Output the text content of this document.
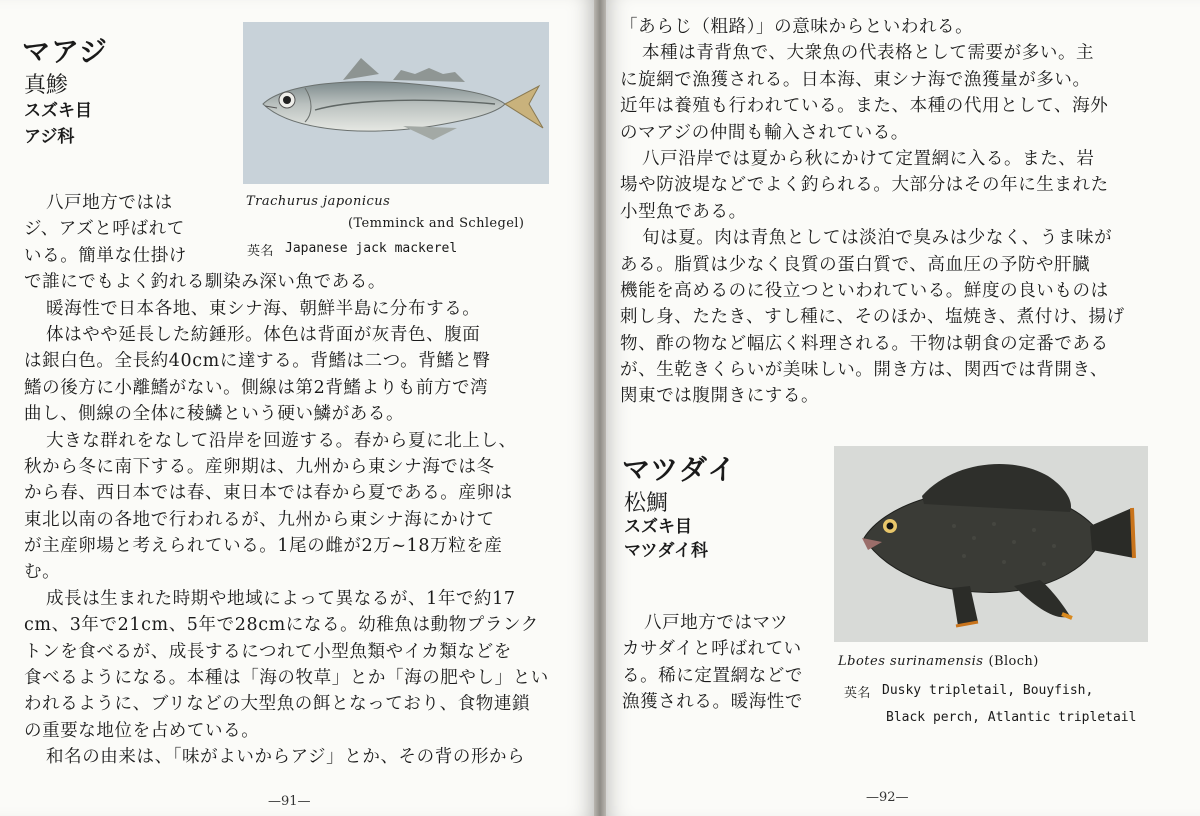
マアジ
真鯵
スズキ目
アジ科
Trachurus japonicus
(Temminck and Schlegel)
英名 Japanese jack mackerel
八戸地方ではは
ジ、アズと呼ばれて
いる。簡単な仕掛け
で誰にでもよく釣れる馴染み深い魚である。
暖海性で日本各地、東シナ海、朝鮮半島に分布する。
体はやや延長した紡錘形。体色は背面が灰青色、腹面
は銀白色。全長約40cmに達する。背鰭は二つ。背鰭と臀
鰭の後方に小離鰭がない。側線は第2背鰭よりも前方で湾
曲し、側線の全体に稜鱗という硬い鱗がある。
大きな群れをなして沿岸を回遊する。春から夏に北上し、
秋から冬に南下する。産卵期は、九州から東シナ海では冬
から春、西日本では春、東日本では春から夏である。産卵は
東北以南の各地で行われるが、九州から東シナ海にかけて
が主産卵場と考えられている。1尾の雌が2万~18万粒を産
む。
成長は生まれた時期や地域によって異なるが、1年で約17
cm、3年で21cm、5年で28cmになる。幼稚魚は動物プランク
トンを食べるが、成長するにつれて小型魚類やイカ類などを
食べるようになる。本種は「海の牧草」とか「海の肥やし」とい
われるように、ブリなどの大型魚の餌となっており、食物連鎖
の重要な地位を占めている。
和名の由来は、「味がよいからアジ」とか、その背の形から
—91—
「あらじ（粗路）」の意味からといわれる。
本種は青背魚で、大衆魚の代表格として需要が多い。主
に旋網で漁獲される。日本海、東シナ海で漁獲量が多い。
近年は養殖も行われている。また、本種の代用として、海外
のマアジの仲間も輸入されている。
八戸沿岸では夏から秋にかけて定置網に入る。また、岩
場や防波堤などでよく釣られる。大部分はその年に生まれた
小型魚である。
旬は夏。肉は青魚としては淡泊で臭みは少なく、うま味が
ある。脂質は少なく良質の蛋白質で、高血圧の予防や肝臓
機能を高めるのに役立つといわれている。鮮度の良いものは
刺し身、たたき、すし種に、そのほか、塩焼き、煮付け、揚げ
物、酢の物など幅広く料理される。干物は朝食の定番である
が、生乾きくらいが美味しい。開き方は、関西では背開き、
関東では腹開きにする。
マツダイ
松鯛
スズキ目
マツダイ科
八戸地方ではマツ
カサダイと呼ばれてい
る。稀に定置網などで
漁獲される。暖海性で
Lbotes surinamensis (Bloch)
英名 Dusky tripletail, Bouyfish,
Black perch, Atlantic tripletail
—92—
